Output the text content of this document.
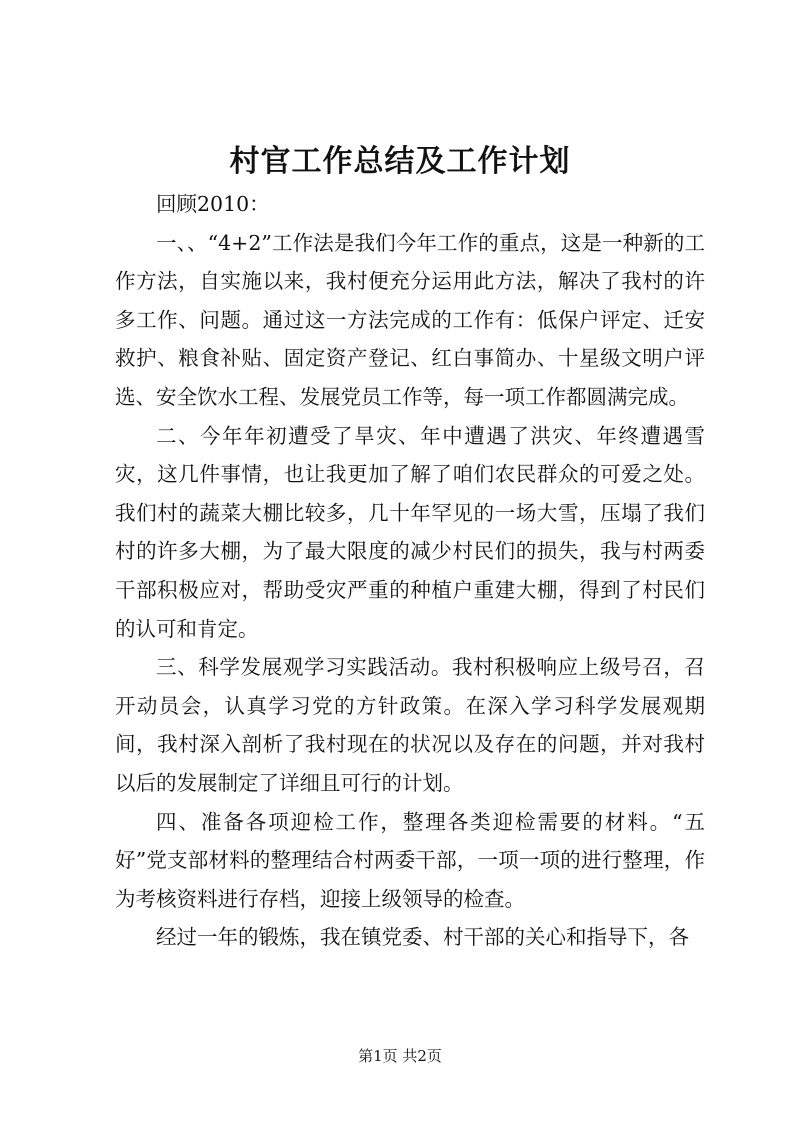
村官工作总结及工作计划

回顾2010：

一、、“4+2”工作法是我们今年工作的重点，这是一种新的工作方法，自实施以来，我村便充分运用此方法，解决了我村的许多工作、问题。通过这一方法完成的工作有：低保户评定、迁安救护、粮食补贴、固定资产登记、红白事简办、十星级文明户评选、安全饮水工程、发展党员工作等，每一项工作都圆满完成。

二、今年年初遭受了旱灾、年中遭遇了洪灾、年终遭遇雪灾，这几件事情，也让我更加了解了咱们农民群众的可爱之处。我们村的蔬菜大棚比较多，几十年罕见的一场大雪，压塌了我们村的许多大棚，为了最大限度的减少村民们的损失，我与村两委干部积极应对，帮助受灾严重的种植户重建大棚，得到了村民们的认可和肯定。

三、科学发展观学习实践活动。我村积极响应上级号召，召开动员会，认真学习党的方针政策。在深入学习科学发展观期间，我村深入剖析了我村现在的状况以及存在的问题，并对我村以后的发展制定了详细且可行的计划。

四、准备各项迎检工作，整理各类迎检需要的材料。“五好”党支部材料的整理结合村两委干部，一项一项的进行整理，作为考核资料进行存档，迎接上级领导的检查。

经过一年的锻炼，我在镇党委、村干部的关心和指导下，各

第1页 共2页
